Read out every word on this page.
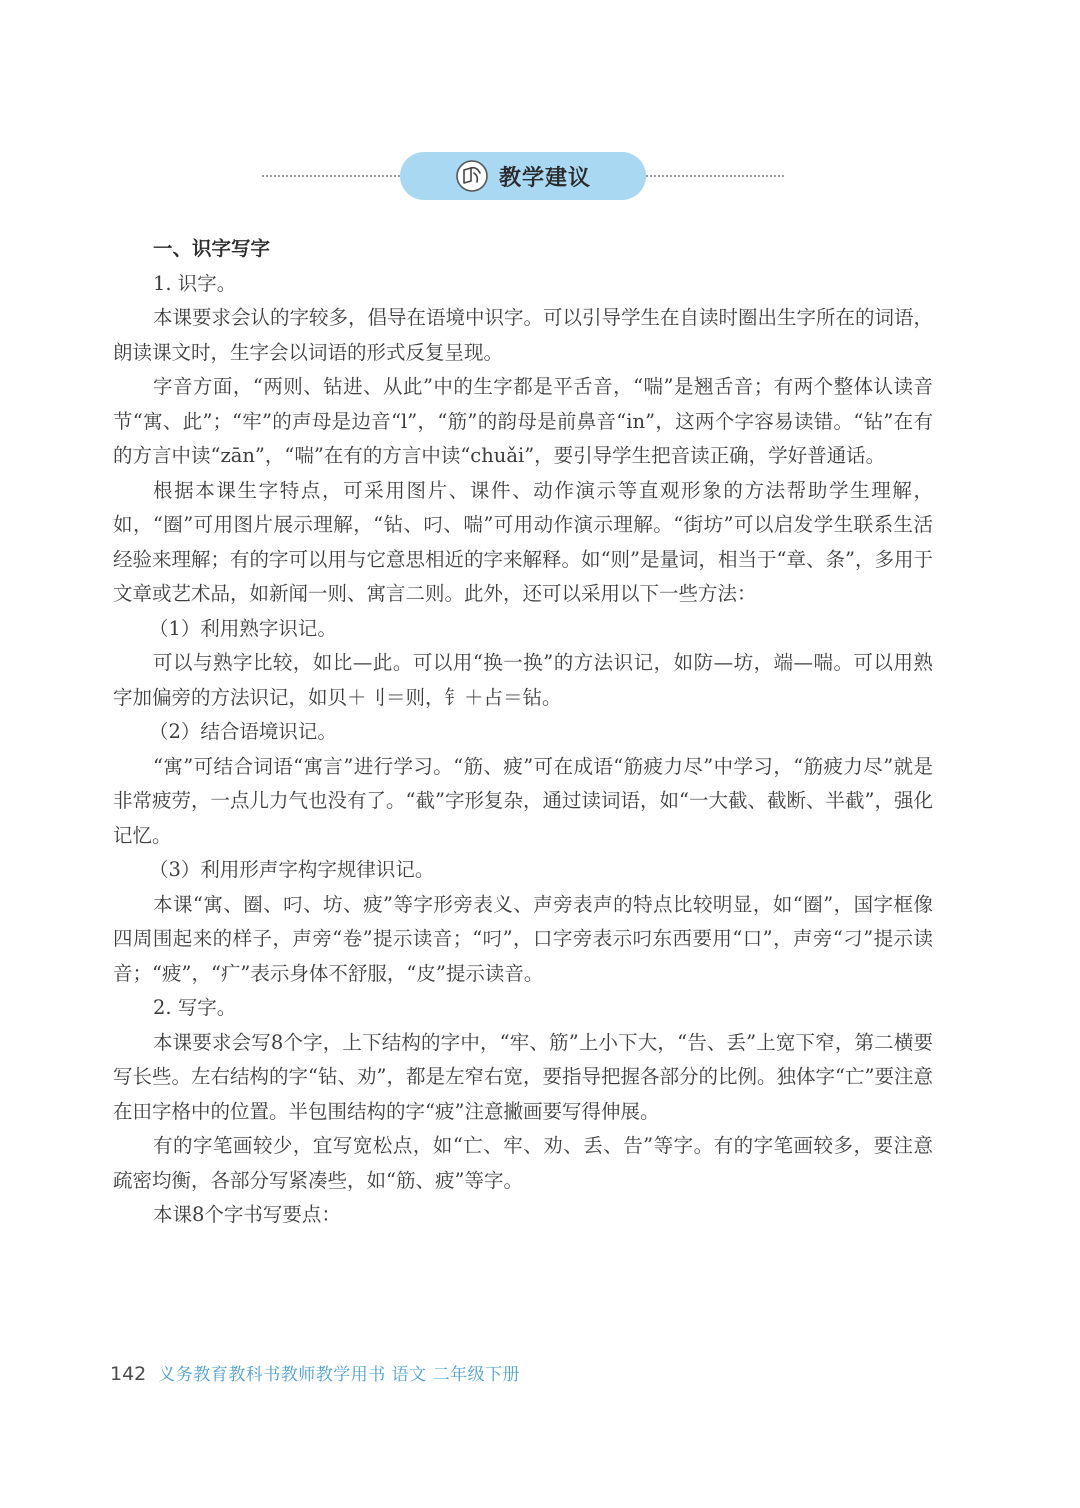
教学建议

一、识字写字

1. 识字。

本课要求会认的字较多，倡导在语境中识字。可以引导学生在自读时圈出生字所在的词语，朗读课文时，生字会以词语的形式反复呈现。

字音方面，“两则、钻进、从此”中的生字都是平舌音，“喘”是翘舌音；有两个整体认读音节“寓、此”；“牢”的声母是边音“l”，“筋”的韵母是前鼻音“in”，这两个字容易读错。“钻”在有的方言中读“zān”，“喘”在有的方言中读“chuǎi”，要引导学生把音读正确，学好普通话。

根据本课生字特点，可采用图片、课件、动作演示等直观形象的方法帮助学生理解，如，“圈”可用图片展示理解，“钻、叼、喘”可用动作演示理解。“街坊”可以启发学生联系生活经验来理解；有的字可以用与它意思相近的字来解释。如“则”是量词，相当于“章、条”，多用于文章或艺术品，如新闻一则、寓言二则。此外，还可以采用以下一些方法：

（1）利用熟字识记。

可以与熟字比较，如比—此。可以用“换一换”的方法识记，如防—坊，端—喘。可以用熟字加偏旁的方法识记，如贝＋刂＝则，钅＋占＝钻。

（2）结合语境识记。

“寓”可结合词语“寓言”进行学习。“筋、疲”可在成语“筋疲力尽”中学习，“筋疲力尽”就是非常疲劳，一点儿力气也没有了。“截”字形复杂，通过读词语，如“一大截、截断、半截”，强化记忆。

（3）利用形声字构字规律识记。

本课“寓、圈、叼、坊、疲”等字形旁表义、声旁表声的特点比较明显，如“圈”，国字框像四周围起来的样子，声旁“卷”提示读音；“叼”，口字旁表示叼东西要用“口”，声旁“刁”提示读音；“疲”，“疒”表示身体不舒服，“皮”提示读音。

2. 写字。

本课要求会写8个字，上下结构的字中，“牢、筋”上小下大，“告、丢”上宽下窄，第二横要写长些。左右结构的字“钻、劝”，都是左窄右宽，要指导把握各部分的比例。独体字“亡”要注意在田字格中的位置。半包围结构的字“疲”注意撇画要写得伸展。

有的字笔画较少，宜写宽松点，如“亡、牢、劝、丢、告”等字。有的字笔画较多，要注意疏密均衡，各部分写紧凑些，如“筋、疲”等字。

本课8个字书写要点：

142 义务教育教科书教师教学用书 语文 二年级下册
